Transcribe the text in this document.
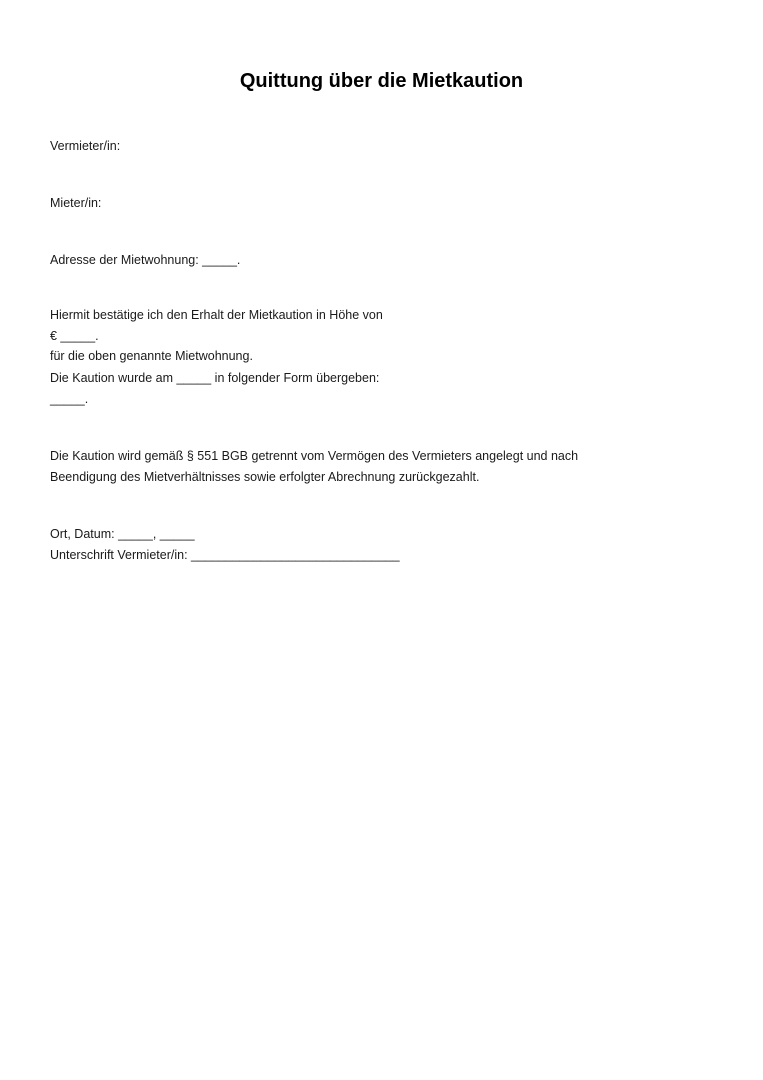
Quittung über die Mietkaution

Vermieter/in:

Mieter/in:

Adresse der Mietwohnung: _____.

Hiermit bestätige ich den Erhalt der Mietkaution in Höhe von

€ _____.

für die oben genannte Mietwohnung.

Die Kaution wurde am _____ in folgender Form übergeben:

_____.

Die Kaution wird gemäß § 551 BGB getrennt vom Vermögen des Vermieters angelegt und nach

Beendigung des Mietverhältnisses sowie erfolgter Abrechnung zurückgezahlt.

Ort, Datum: _____, _____

Unterschrift Vermieter/in: ______________________________
